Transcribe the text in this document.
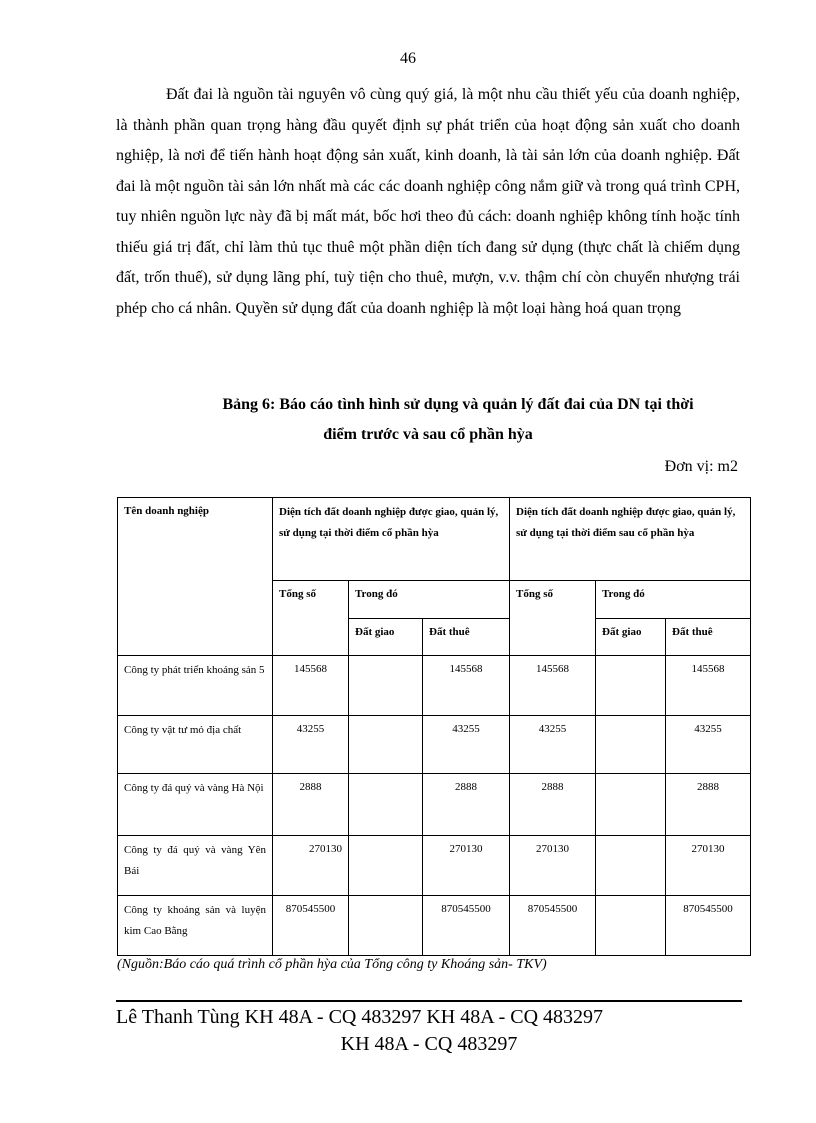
46

Đất đai là nguồn tài nguyên vô cùng quý giá, là một nhu cầu thiết yếu của doanh nghiệp, là thành phần quan trọng hàng đầu quyết định sự phát triển của hoạt động sản xuất cho doanh nghiệp, là nơi để tiến hành hoạt động sản xuất, kinh doanh, là tài sản lớn của doanh nghiệp. Đất đai là một nguồn tài sản lớn nhất mà các các doanh nghiệp công nắm giữ và trong quá trình CPH, tuy nhiên nguồn lực này đã bị mất mát, bốc hơi theo đủ cách: doanh nghiệp không tính hoặc tính thiếu giá trị đất, chỉ làm thủ tục thuê một phần diện tích đang sử dụng (thực chất là chiếm dụng đất, trốn thuế), sử dụng lãng phí, tuỳ tiện cho thuê, mượn, v.v. thậm chí còn chuyển nhượng trái phép cho cá nhân. Quyền sử dụng đất của doanh nghiệp là một loại hàng hoá quan trọng

Bảng 6: Báo cáo tình hình sử dụng và quản lý đất đai của DN tại thời
điểm trước và sau cổ phần hỳa
Đơn vị: m2
Tên doanh nghiệp	Diện tích đất doanh nghiệp được giao, quản lý, sử dụng tại thời điểm cổ phần hỳa			Diện tích đất doanh nghiệp được giao, quản lý, sử dụng tại thời điểm sau cổ phần hỳa		
	Tổng số	Trong đó		Tổng số	Trong đó	
		Đất giao	Đất thuê		Đất giao	Đất thuê
Công ty phát triển khoáng sản 5	145568		145568	145568		145568
Công ty vật tư mỏ địa chất	43255		43255	43255		43255
Công ty đá quý và vàng Hà Nội	2888		2888	2888		2888
Công ty đá quý và vàng Yên Bái	270130		270130	270130		270130
Công ty khoáng sản và luyện kim Cao Bằng	870545500		870545500	870545500		870545500
(Nguồn:Báo cáo quá trình cổ phần hỳa của Tổng công ty Khoáng sản- TKV)
Lê Thanh Tùng KH 48A - CQ 483297 KH 48A - CQ 483297
KH 48A - CQ 483297
